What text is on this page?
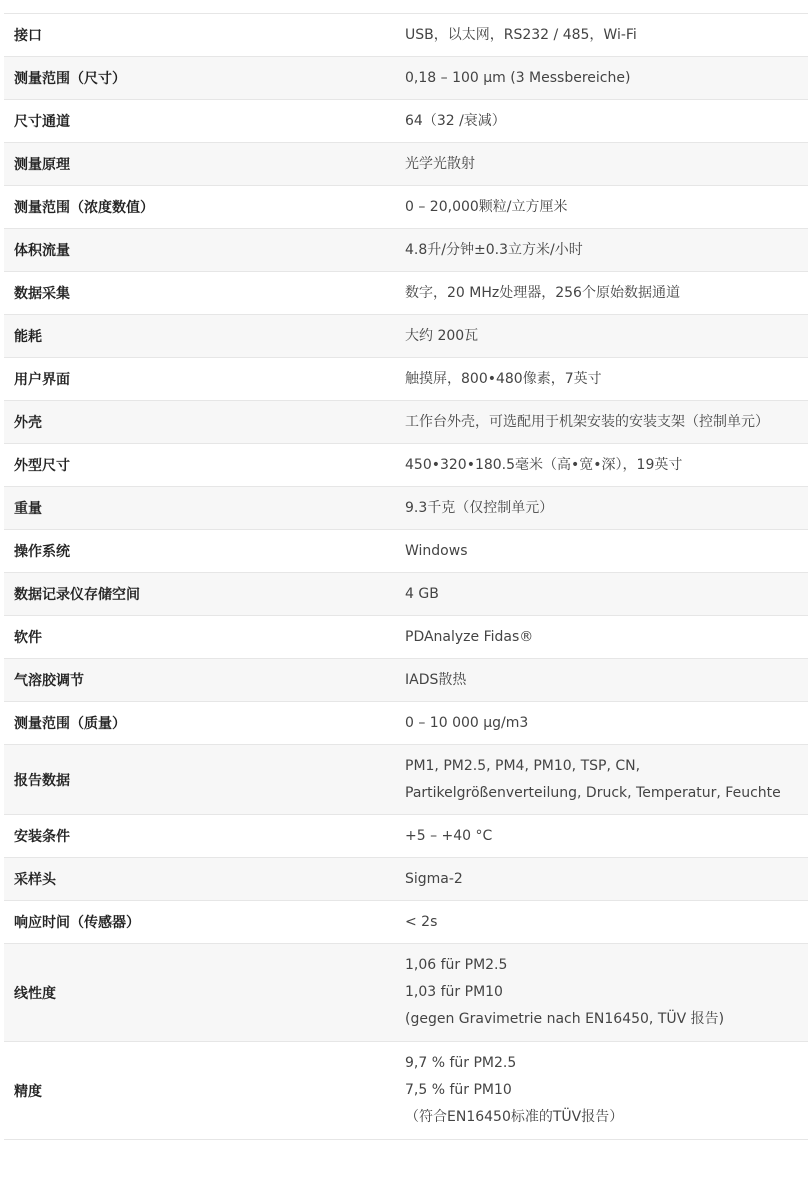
接口	USB，以太网，RS232 / 485，Wi-Fi

测量范围（尺寸）	0,18 – 100 µm (3 Messbereiche)

尺寸通道	64（32 /衰减）

测量原理	光学光散射

测量范围（浓度数值）	0 – 20,000颗粒/立方厘米

体积流量	4.8升/分钟±0.3立方米/小时

数据采集	数字，20 MHz处理器，256个原始数据通道

能耗	大约 200瓦

用户界面	触摸屏，800•480像素，7英寸

外壳	工作台外壳，可选配用于机架安装的安装支架（控制单元）

外型尺寸	450•320•180.5毫米（高•宽•深），19英寸

重量	9.3千克（仅控制单元）

操作系统	Windows

数据记录仪存储空间	4 GB

软件	PDAnalyze Fidas®

气溶胶调节	IADS散热

测量范围（质量）	0 – 10 000 µg/m3

报告数据	PM1, PM2.5, PM4, PM10, TSP, CN,
Partikelgrößenverteilung, Druck, Temperatur, Feuchte

安装条件	+5 – +40 °C

采样头	Sigma-2

响应时间（传感器）	< 2s

线性度	1,06 für PM2.5
1,03 für PM10
(gegen Gravimetrie nach EN16450, TÜV 报告)

精度	9,7 % für PM2.5
7,5 % für PM10
（符合EN16450标准的TÜV报告）
